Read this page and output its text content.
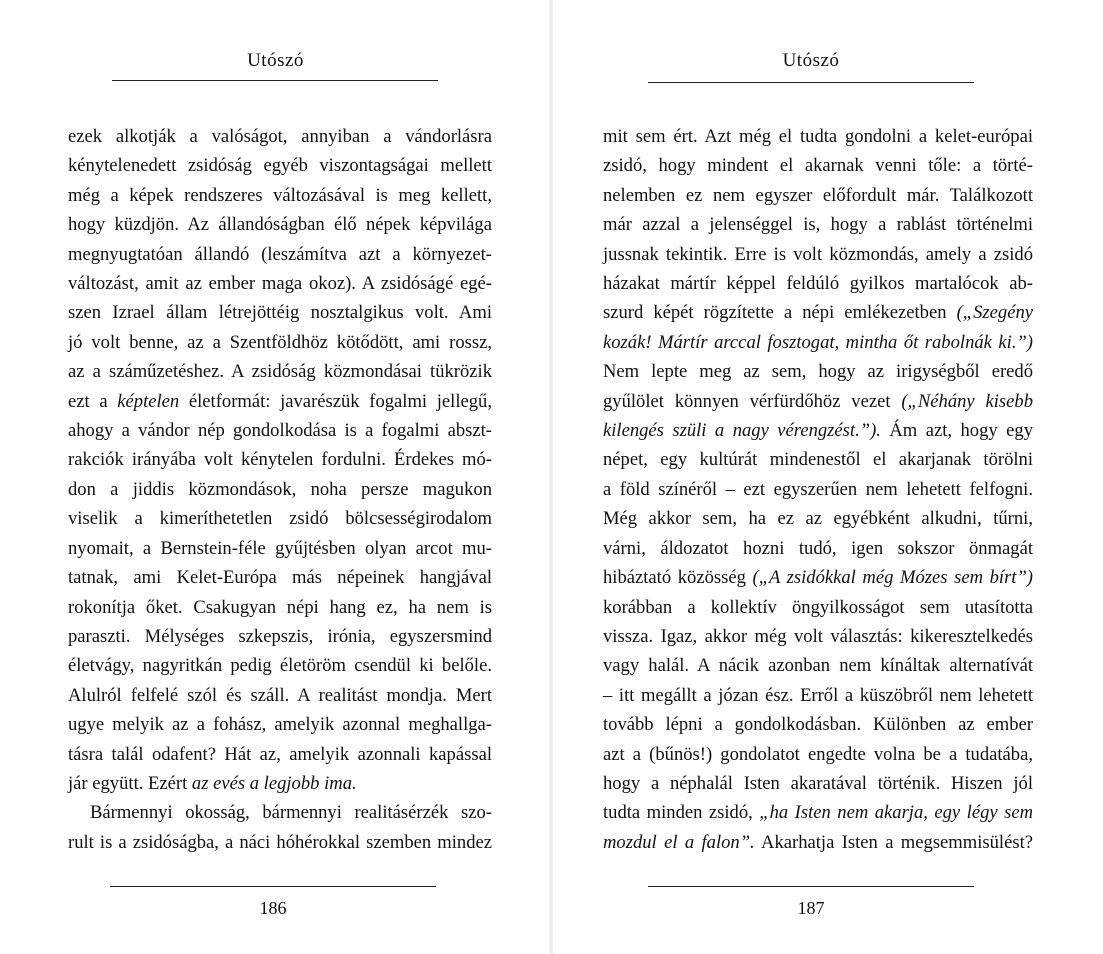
Utószó
ezek alkotják a valóságot, annyiban a vándorlásra
kénytelenedett zsidóság egyéb viszontagságai mellett
még a képek rendszeres változásával is meg kellett,
hogy küzdjön. Az állandóságban élő népek képvilága
megnyugtatóan állandó (leszámítva azt a környezet-
változást, amit az ember maga okoz). A zsidóságé egé-
szen Izrael állam létrejöttéig nosztalgikus volt. Ami
jó volt benne, az a Szentföldhöz kötődött, ami rossz,
az a száműzetéshez. A zsidóság közmondásai tükrözik
ezt a képtelen életformát: javarészük fogalmi jellegű,
ahogy a vándor nép gondolkodása is a fogalmi abszt-
rakciók irányába volt kénytelen fordulni. Érdekes mó-
don a jiddis közmondások, noha persze magukon
viselik a kimeríthetetlen zsidó bölcsességirodalom
nyomait, a Bernstein-féle gyűjtésben olyan arcot mu-
tatnak, ami Kelet-Európa más népeinek hangjával
rokonítja őket. Csakugyan népi hang ez, ha nem is
paraszti. Mélységes szkepszis, irónia, egyszersmind
életvágy, nagyritkán pedig életöröm csendül ki belőle.
Alulról felfelé szól és száll. A realitást mondja. Mert
ugye melyik az a fohász, amelyik azonnal meghallga-
tásra talál odafent? Hát az, amelyik azonnali kapással
jár együtt. Ezért az evés a legjobb ima.
Bármennyi okosság, bármennyi realitásérzék szo-
rult is a zsidóságba, a náci hóhérokkal szemben mindez
186
Utószó
mit sem ért. Azt még el tudta gondolni a kelet-európai
zsidó, hogy mindent el akarnak venni tőle: a törté-
nelemben ez nem egyszer előfordult már. Találkozott
már azzal a jelenséggel is, hogy a rablást történelmi
jussnak tekintik. Erre is volt közmondás, amely a zsidó
házakat mártír képpel feldúló gyilkos martalócok ab-
szurd képét rögzítette a népi emlékezetben („Szegény
kozák! Mártír arccal fosztogat, mintha őt rabolnák ki.”)
Nem lepte meg az sem, hogy az irigységből eredő
gyűlölet könnyen vérfürdőhöz vezet („Néhány kisebb
kilengés szüli a nagy vérengzést.”). Ám azt, hogy egy
népet, egy kultúrát mindenestől el akarjanak törölni
a föld színéről – ezt egyszerűen nem lehetett felfogni.
Még akkor sem, ha ez az egyébként alkudni, tűrni,
várni, áldozatot hozni tudó, igen sokszor önmagát
hibáztató közösség („A zsidókkal még Mózes sem bírt”)
korábban a kollektív öngyilkosságot sem utasította
vissza. Igaz, akkor még volt választás: kikeresztelkedés
vagy halál. A nácik azonban nem kínáltak alternatívát
– itt megállt a józan ész. Erről a küszöbről nem lehetett
tovább lépni a gondolkodásban. Különben az ember
azt a (bűnös!) gondolatot engedte volna be a tudatába,
hogy a néphalál Isten akaratával történik. Hiszen jól
tudta minden zsidó, „ha Isten nem akarja, egy légy sem
mozdul el a falon”. Akarhatja Isten a megsemmisülést?
187
